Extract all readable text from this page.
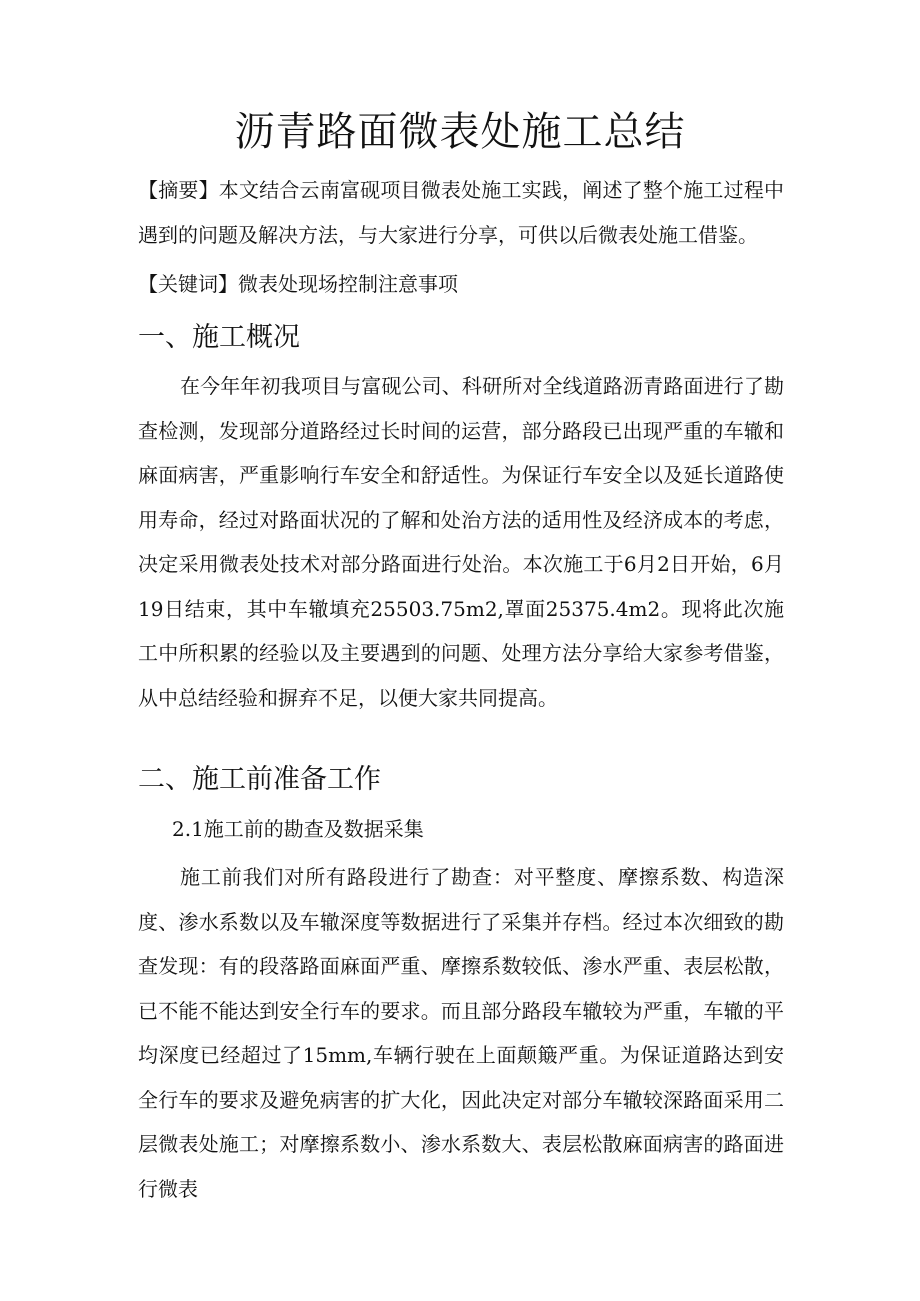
沥青路面微表处施工总结

【摘要】本文结合云南富砚项目微表处施工实践，阐述了整个施工过程中遇到的问题及解决方法，与大家进行分享，可供以后微表处施工借鉴。

【关键词】微表处现场控制注意事项

一、施工概况

在今年年初我项目与富砚公司、科研所对全线道路沥青路面进行了勘查检测，发现部分道路经过长时间的运营，部分路段已出现严重的车辙和麻面病害，严重影响行车安全和舒适性。为保证行车安全以及延长道路使用寿命，经过对路面状况的了解和处治方法的适用性及经济成本的考虑，决定采用微表处技术对部分路面进行处治。本次施工于6月2日开始，6月19日结束，其中车辙填充25503.75m2,罩面25375.4m2。现将此次施工中所积累的经验以及主要遇到的问题、处理方法分享给大家参考借鉴，从中总结经验和摒弃不足，以便大家共同提高。

二、施工前准备工作
2.1施工前的勘查及数据采集

施工前我们对所有路段进行了勘查：对平整度、摩擦系数、构造深度、渗水系数以及车辙深度等数据进行了采集并存档。经过本次细致的勘查发现：有的段落路面麻面严重、摩擦系数较低、渗水严重、表层松散，已不能不能达到安全行车的要求。而且部分路段车辙较为严重，车辙的平均深度已经超过了15mm,车辆行驶在上面颠簸严重。为保证道路达到安全行车的要求及避免病害的扩大化，因此决定对部分车辙较深路面采用二层微表处施工；对摩擦系数小、渗水系数大、表层松散麻面病害的路面进行微表
